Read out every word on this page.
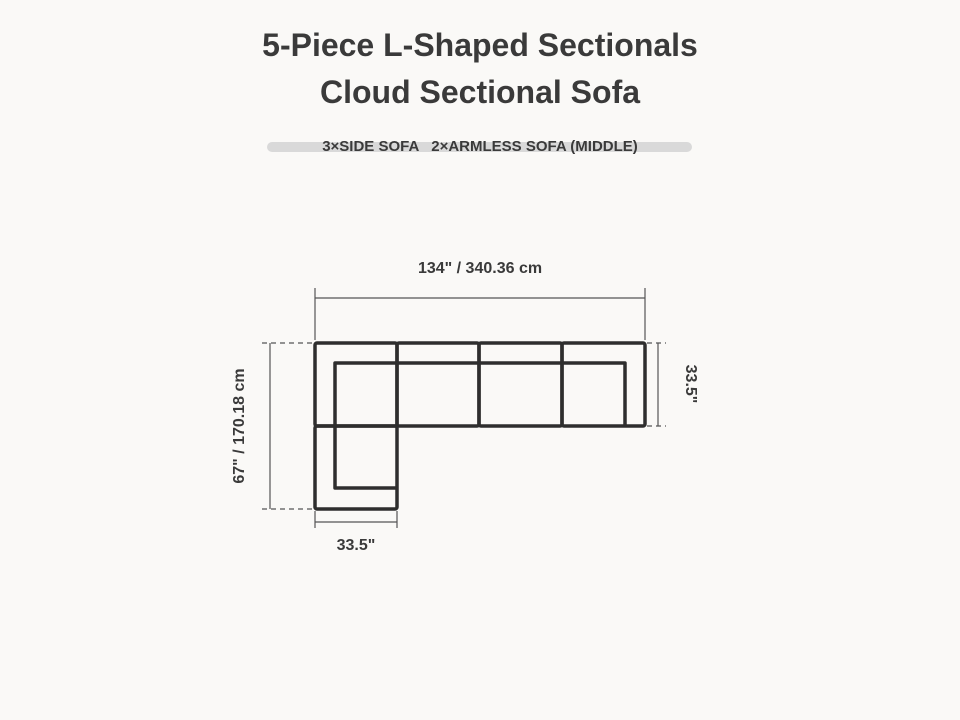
5-Piece L-Shaped Sectionals
Cloud Sectional Sofa
3×SIDE SOFA   2×ARMLESS SOFA (MIDDLE)
134" / 340.36 cm
67" / 170.18 cm	33.5"
33.5"
